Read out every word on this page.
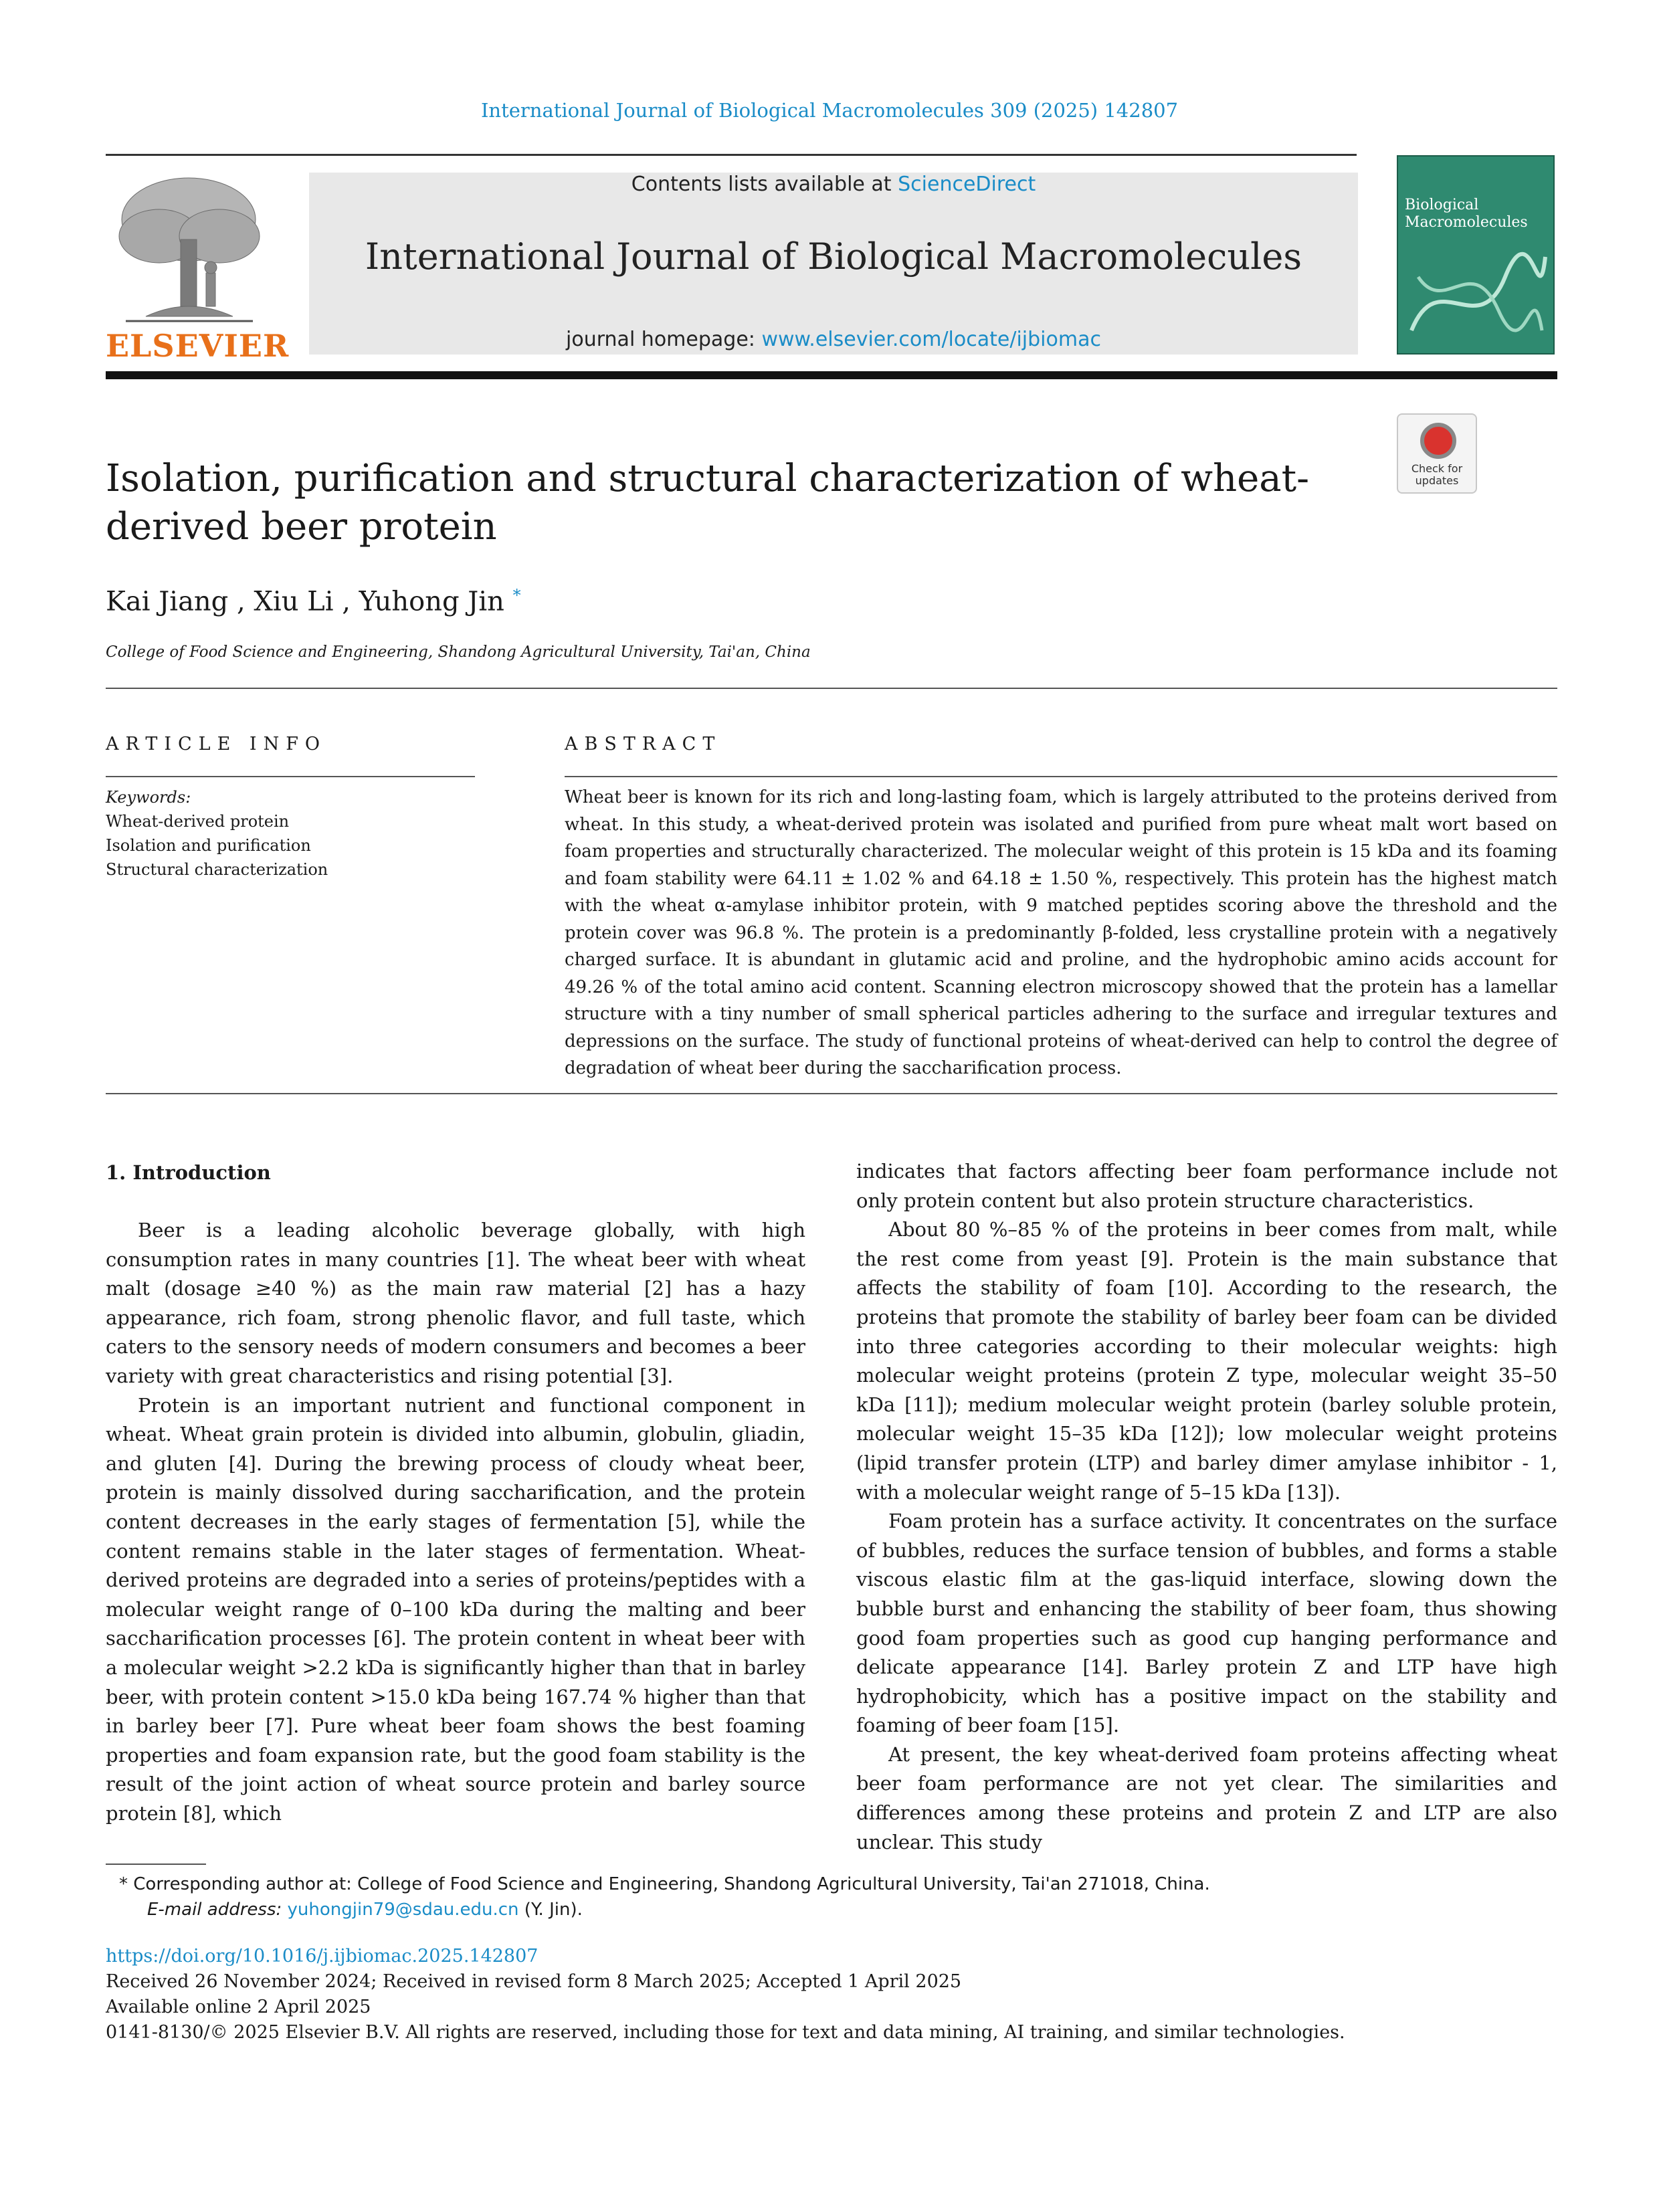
International Journal of Biological Macromolecules 309 (2025) 142807
ELSEVIER
Contents lists available at ScienceDirect
International Journal of Biological Macromolecules
journal homepage: www.elsevier.com/locate/ijbiomac
Biological
Macromolecules
Isolation, purification and structural characterization of wheat-derived beer protein
Check for updates
Kai Jiang , Xiu Li , Yuhong Jin *
College of Food Science and Engineering, Shandong Agricultural University, Tai'an, China
ARTICLE INFO	ABSTRACT
Keywords:
Wheat-derived protein
Isolation and purification
Structural characterization
Wheat beer is known for its rich and long-lasting foam, which is largely attributed to the proteins derived from wheat. In this study, a wheat-derived protein was isolated and purified from pure wheat malt wort based on foam properties and structurally characterized. The molecular weight of this protein is 15 kDa and its foaming and foam stability were 64.11 ± 1.02 % and 64.18 ± 1.50 %, respectively. This protein has the highest match with the wheat α-amylase inhibitor protein, with 9 matched peptides scoring above the threshold and the protein cover was 96.8 %. The protein is a predominantly β-folded, less crystalline protein with a negatively charged surface. It is abundant in glutamic acid and proline, and the hydrophobic amino acids account for 49.26 % of the total amino acid content. Scanning electron microscopy showed that the protein has a lamellar structure with a tiny number of small spherical particles adhering to the surface and irregular textures and depressions on the surface. The study of functional proteins of wheat-derived can help to control the degree of degradation of wheat beer during the saccharification process.
1. Introduction

Beer is a leading alcoholic beverage globally, with high consumption rates in many countries [1]. The wheat beer with wheat malt (dosage ≥40 %) as the main raw material [2] has a hazy appearance, rich foam, strong phenolic flavor, and full taste, which caters to the sensory needs of modern consumers and becomes a beer variety with great characteristics and rising potential [3].

Protein is an important nutrient and functional component in wheat. Wheat grain protein is divided into albumin, globulin, gliadin, and gluten [4]. During the brewing process of cloudy wheat beer, protein is mainly dissolved during saccharification, and the protein content decreases in the early stages of fermentation [5], while the content remains stable in the later stages of fermentation. Wheat-derived proteins are degraded into a series of proteins/peptides with a molecular weight range of 0–100 kDa during the malting and beer saccharification processes [6]. The protein content in wheat beer with a molecular weight >2.2 kDa is significantly higher than that in barley beer, with protein content >15.0 kDa being 167.74 % higher than that in barley beer [7]. Pure wheat beer foam shows the best foaming properties and foam expansion rate, but the good foam stability is the result of the joint action of wheat source protein and barley source protein [8], which

indicates that factors affecting beer foam performance include not only protein content but also protein structure characteristics.

About 80 %–85 % of the proteins in beer comes from malt, while the rest come from yeast [9]. Protein is the main substance that affects the stability of foam [10]. According to the research, the proteins that promote the stability of barley beer foam can be divided into three categories according to their molecular weights: high molecular weight proteins (protein Z type, molecular weight 35–50 kDa [11]); medium molecular weight protein (barley soluble protein, molecular weight 15–35 kDa [12]); low molecular weight proteins (lipid transfer protein (LTP) and barley dimer amylase inhibitor - 1, with a molecular weight range of 5–15 kDa [13]).

Foam protein has a surface activity. It concentrates on the surface of bubbles, reduces the surface tension of bubbles, and forms a stable viscous elastic film at the gas-liquid interface, slowing down the bubble burst and enhancing the stability of beer foam, thus showing good foam properties such as good cup hanging performance and delicate appearance [14]. Barley protein Z and LTP have high hydrophobicity, which has a positive impact on the stability and foaming of beer foam [15].

At present, the key wheat-derived foam proteins affecting wheat beer foam performance are not yet clear. The similarities and differences among these proteins and protein Z and LTP are also unclear. This study

* Corresponding author at: College of Food Science and Engineering, Shandong Agricultural University, Tai'an 271018, China.
E-mail address: yuhongjin79@sdau.edu.cn (Y. Jin).
https://doi.org/10.1016/j.ijbiomac.2025.142807
Received 26 November 2024; Received in revised form 8 March 2025; Accepted 1 April 2025
Available online 2 April 2025
0141-8130/© 2025 Elsevier B.V. All rights are reserved, including those for text and data mining, AI training, and similar technologies.
